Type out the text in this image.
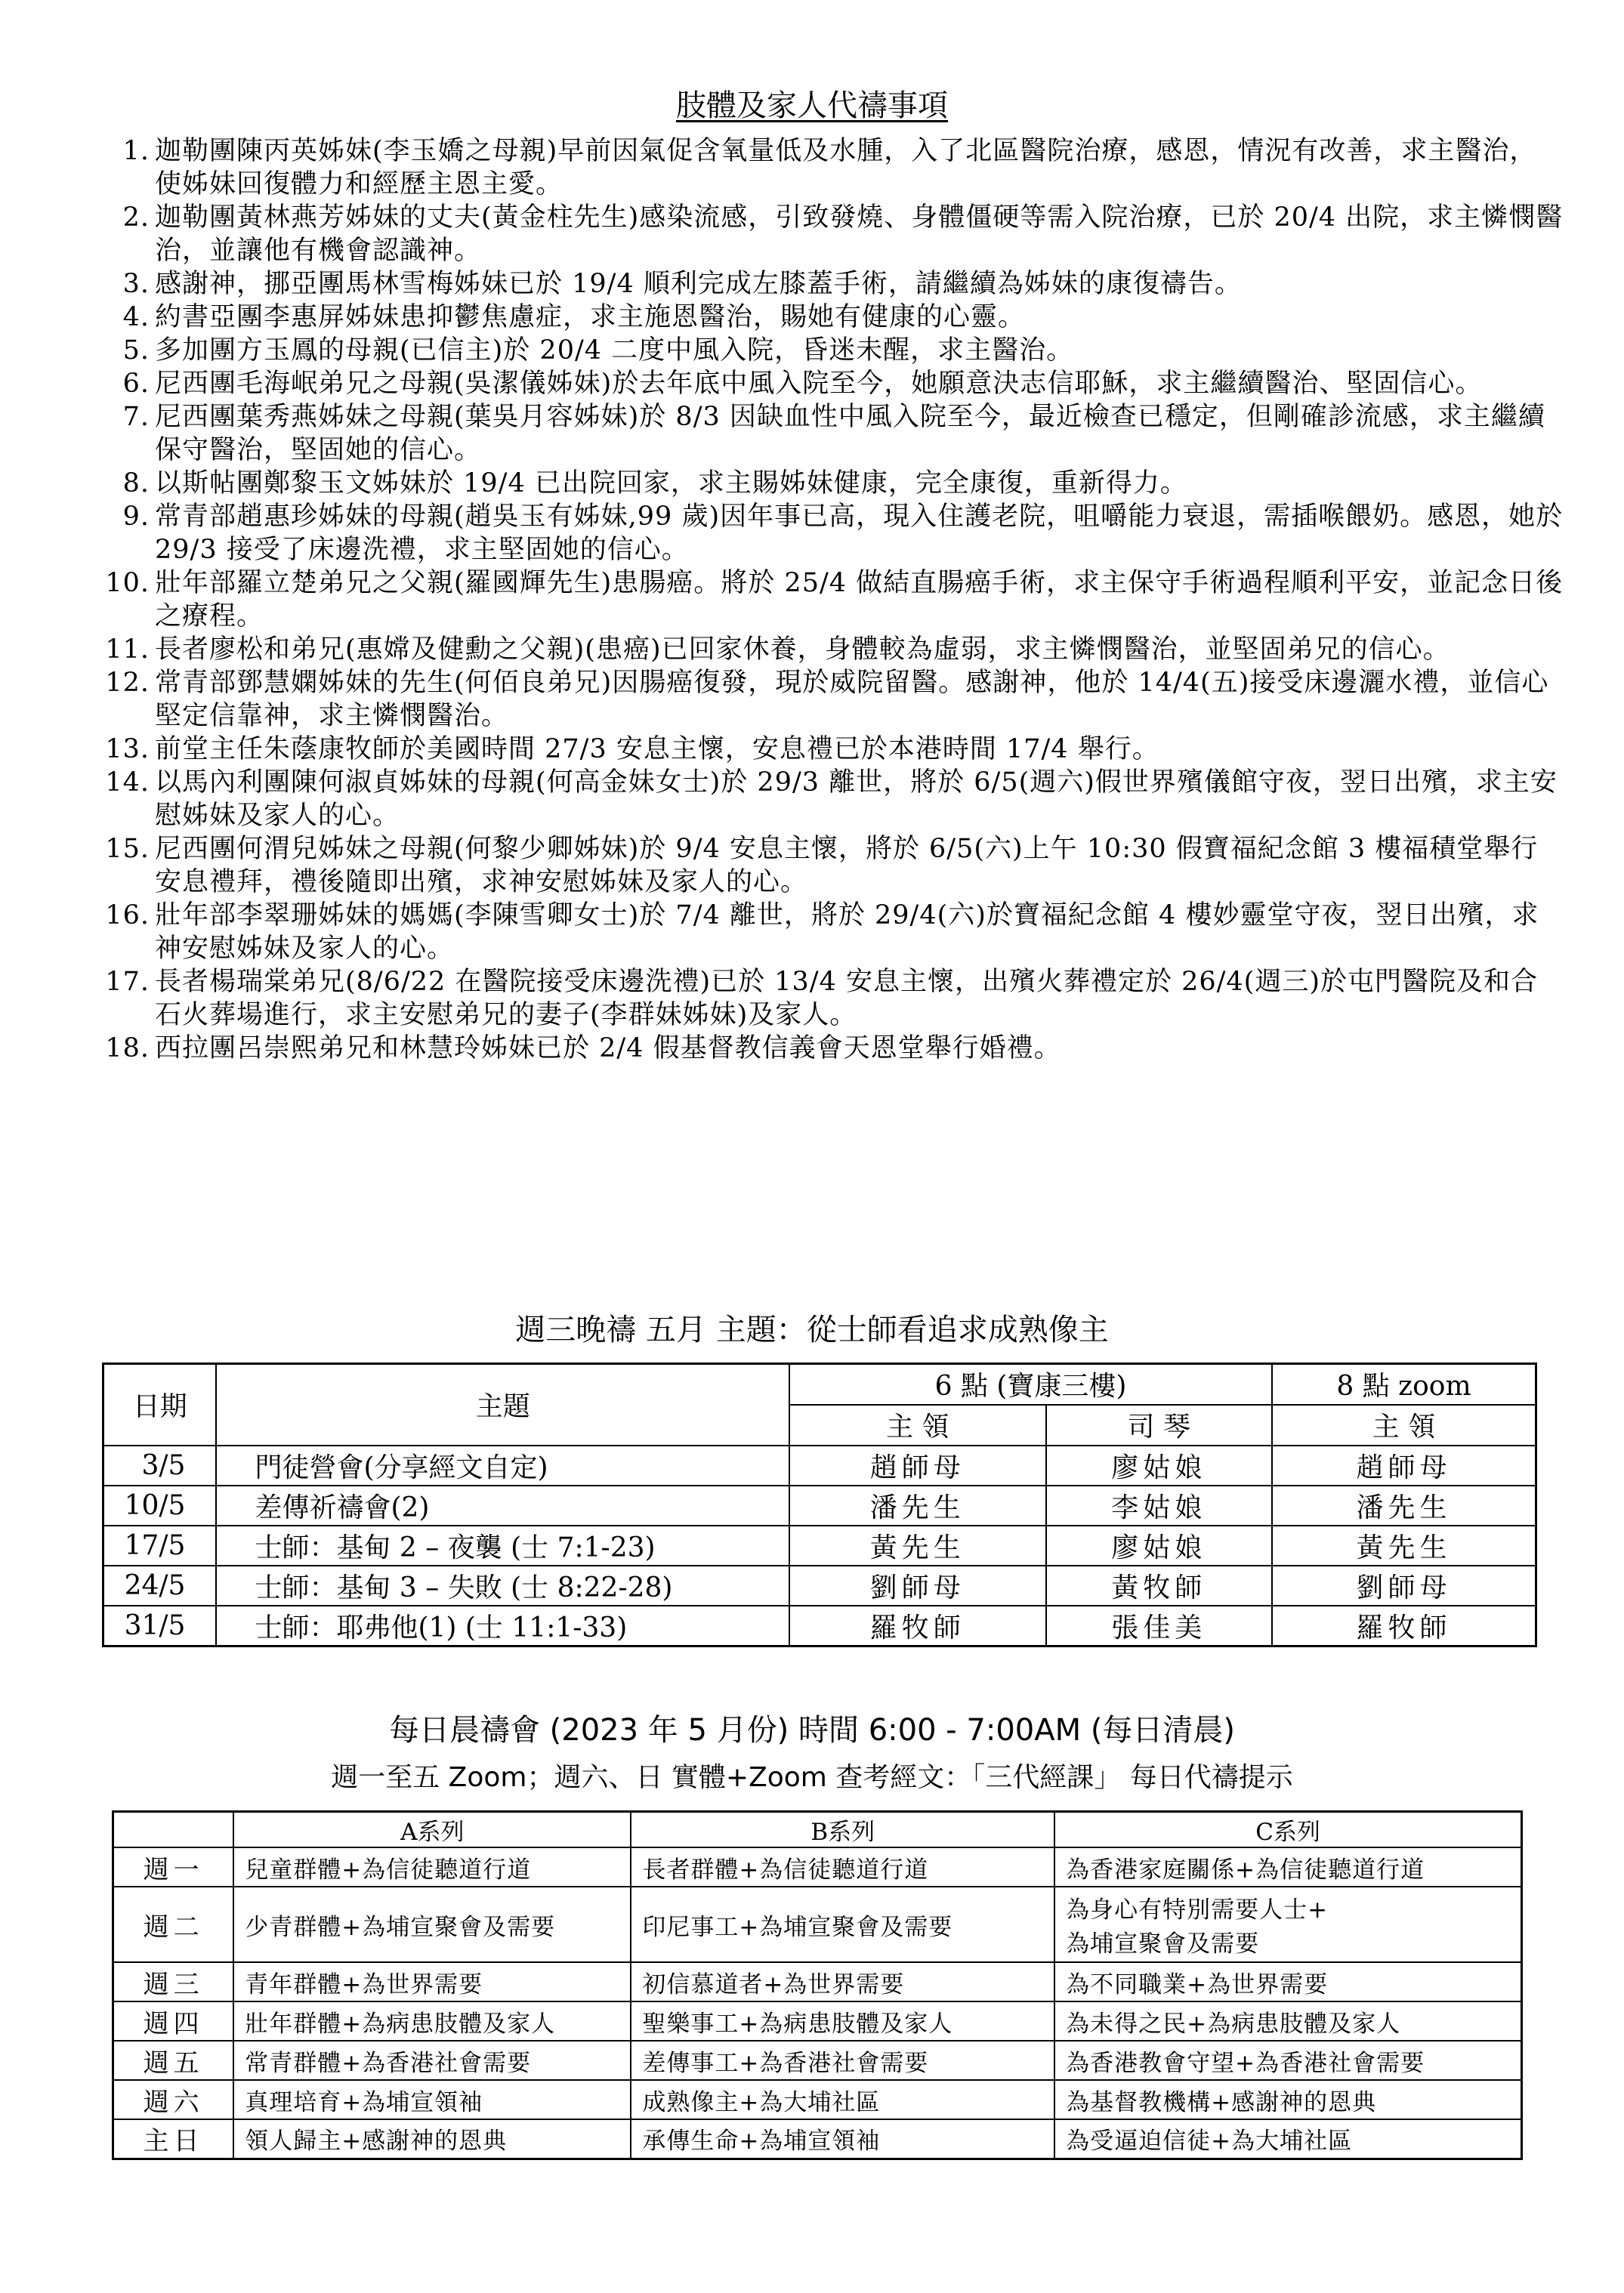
肢體及家人代禱事項
1. 迦勒團陳丙英姊妹(李玉嬌之母親)早前因氣促含氧量低及水腫，入了北區醫院治療，感恩，情況有改善，求主醫治，使姊妹回復體力和經歷主恩主愛。
2. 迦勒團黃林燕芳姊妹的丈夫(黃金柱先生)感染流感，引致發燒、身體僵硬等需入院治療，已於 20/4 出院，求主憐憫醫治，並讓他有機會認識神。
3. 感謝神，挪亞團馬林雪梅姊妹已於 19/4 順利完成左膝蓋手術，請繼續為姊妹的康復禱告。
4. 約書亞團李惠屏姊妹患抑鬱焦慮症，求主施恩醫治，賜她有健康的心靈。
5. 多加團方玉鳳的母親(已信主)於 20/4 二度中風入院，昏迷未醒，求主醫治。
6. 尼西團毛海岷弟兄之母親(吳潔儀姊妹)於去年底中風入院至今，她願意決志信耶穌，求主繼續醫治、堅固信心。
7. 尼西團葉秀燕姊妹之母親(葉吳月容姊妹)於 8/3 因缺血性中風入院至今，最近檢查已穩定，但剛確診流感，求主繼續保守醫治，堅固她的信心。
8. 以斯帖團鄭黎玉文姊妹於 19/4 已出院回家，求主賜姊妹健康，完全康復，重新得力。
9. 常青部趙惠珍姊妹的母親(趙吳玉有姊妹,99 歲)因年事已高，現入住護老院，咀嚼能力衰退，需插喉餵奶。感恩，她於 29/3 接受了床邊洗禮，求主堅固她的信心。
10. 壯年部羅立楚弟兄之父親(羅國輝先生)患腸癌。將於 25/4 做結直腸癌手術，求主保守手術過程順利平安，並記念日後之療程。
11. 長者廖松和弟兄(惠嫦及健勳之父親)(患癌)已回家休養，身體較為虛弱，求主憐憫醫治，並堅固弟兄的信心。
12. 常青部鄧慧嫻姊妹的先生(何佰良弟兄)因腸癌復發，現於威院留醫。感謝神，他於 14/4(五)接受床邊灑水禮，並信心堅定信靠神，求主憐憫醫治。
13. 前堂主任朱蔭康牧師於美國時間 27/3 安息主懷，安息禮已於本港時間 17/4 舉行。
14. 以馬內利團陳何淑貞姊妹的母親(何高金妹女士)於 29/3 離世，將於 6/5(週六)假世界殯儀館守夜，翌日出殯，求主安慰姊妹及家人的心。
15. 尼西團何渭兒姊妹之母親(何黎少卿姊妹)於 9/4 安息主懷，將於 6/5(六)上午 10:30 假寶福紀念館 3 樓福積堂舉行安息禮拜，禮後隨即出殯，求神安慰姊妹及家人的心。
16. 壯年部李翠珊姊妹的媽媽(李陳雪卿女士)於 7/4 離世，將於 29/4(六)於寶福紀念館 4 樓妙靈堂守夜，翌日出殯，求神安慰姊妹及家人的心。
17. 長者楊瑞棠弟兄(8/6/22 在醫院接受床邊洗禮)已於 13/4 安息主懷，出殯火葬禮定於 26/4(週三)於屯門醫院及和合石火葬場進行，求主安慰弟兄的妻子(李群妹姊妹)及家人。
18. 西拉團呂崇熙弟兄和林慧玲姊妹已於 2/4 假基督教信義會天恩堂舉行婚禮。
週三晚禱 五月 主題：從士師看追求成熟像主
日期	主題	6 點 (寶康三樓)		8 點 zoom
		主 領	司 琴	主 領
3/5	門徒營會(分享經文自定)	趙師母	廖姑娘	趙師母
10/5	差傳祈禱會(2)	潘先生	李姑娘	潘先生
17/5	士師：基甸 2 – 夜襲 (士 7:1-23)	黃先生	廖姑娘	黃先生
24/5	士師：基甸 3 – 失敗 (士 8:22-28)	劉師母	黃牧師	劉師母
31/5	士師：耶弗他(1) (士 11:1-33)	羅牧師	張佳美	羅牧師
每日晨禱會 (2023 年 5 月份) 時間 6:00 - 7:00AM (每日清晨)
週一至五 Zoom；週六、日 實體+Zoom 查考經文：「三代經課」 每日代禱提示
	A系列	B系列	C系列
週一	兒童群體+為信徒聽道行道	長者群體+為信徒聽道行道	為香港家庭關係+為信徒聽道行道
週二	少青群體+為埔宣聚會及需要	印尼事工+為埔宣聚會及需要	為身心有特別需要人士+
為埔宣聚會及需要

週三	青年群體+為世界需要	初信慕道者+為世界需要	為不同職業+為世界需要
週四	壯年群體+為病患肢體及家人	聖樂事工+為病患肢體及家人	為未得之民+為病患肢體及家人
週五	常青群體+為香港社會需要	差傳事工+為香港社會需要	為香港教會守望+為香港社會需要
週六	真理培育+為埔宣領袖	成熟像主+為大埔社區	為基督教機構+感謝神的恩典
主日	領人歸主+感謝神的恩典	承傳生命+為埔宣領袖	為受逼迫信徒+為大埔社區
